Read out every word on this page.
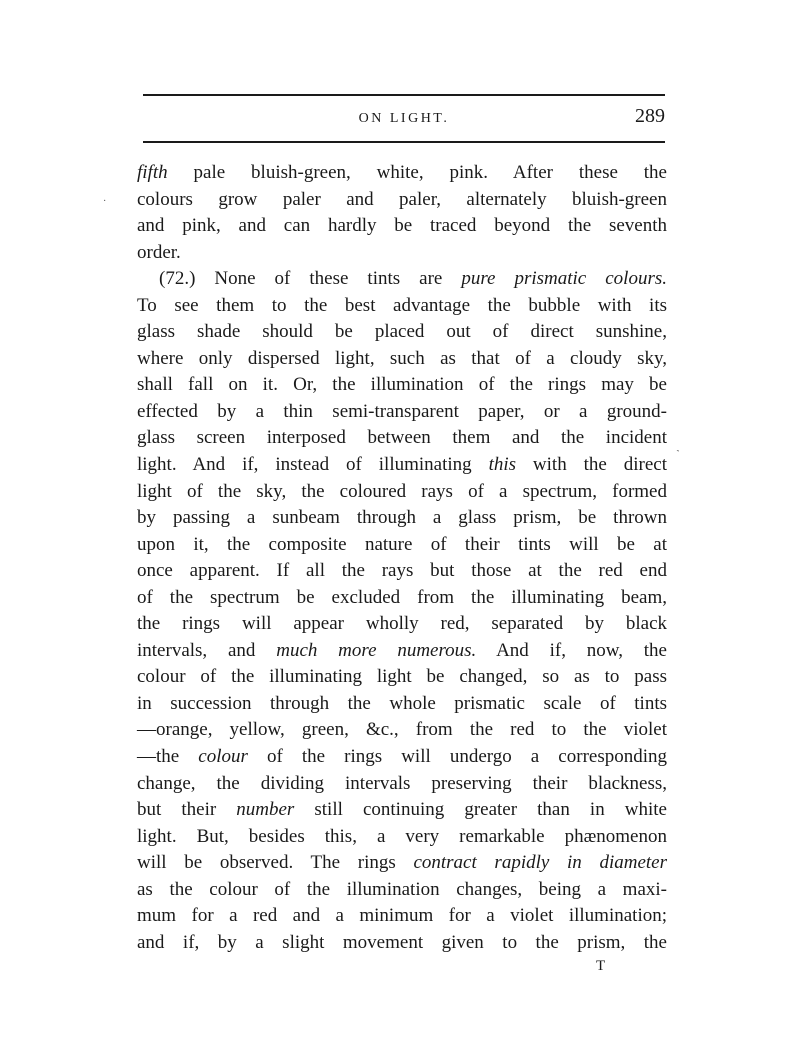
ON LIGHT.	289
·
˺
fifth pale bluish-green, white, pink. After these the
colours grow paler and paler, alternately bluish-green
and pink, and can hardly be traced beyond the seventh
order.
(72.) None of these tints are pure prismatic colours.
To see them to the best advantage the bubble with its
glass shade should be placed out of direct sunshine,
where only dispersed light, such as that of a cloudy sky,
shall fall on it. Or, the illumination of the rings may be
effected by a thin semi-transparent paper, or a ground-
glass screen interposed between them and the incident
light. And if, instead of illuminating this with the direct
light of the sky, the coloured rays of a spectrum, formed
by passing a sunbeam through a glass prism, be thrown
upon it, the composite nature of their tints will be at
once apparent. If all the rays but those at the red end
of the spectrum be excluded from the illuminating beam,
the rings will appear wholly red, separated by black
intervals, and much more numerous. And if, now, the
colour of the illuminating light be changed, so as to pass
in succession through the whole prismatic scale of tints
—orange, yellow, green, &c., from the red to the violet
—the colour of the rings will undergo a corresponding
change, the dividing intervals preserving their blackness,
but their number still continuing greater than in white
light. But, besides this, a very remarkable phænomenon
will be observed. The rings contract rapidly in diameter
as the colour of the illumination changes, being a maxi-
mum for a red and a minimum for a violet illumination;
and if, by a slight movement given to the prism, the
T
